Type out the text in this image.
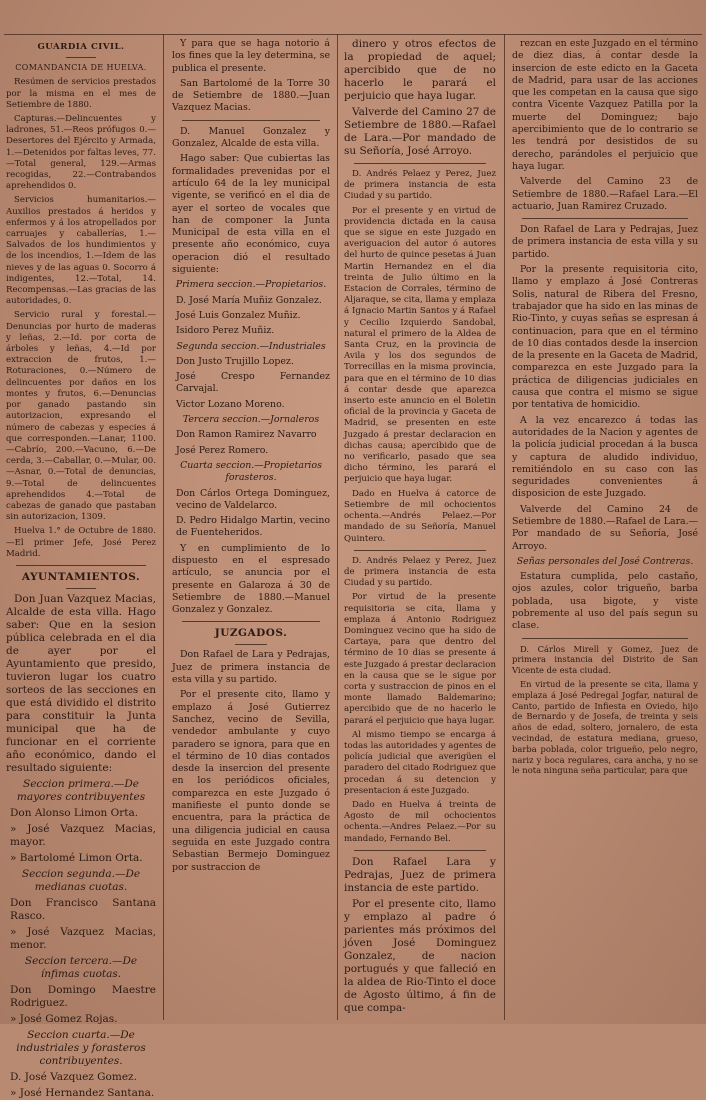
GUARDIA CIVIL.
COMANDANCIA DE HUELVA.

Resúmen de servicios prestados por la misma en el mes de Setiembre de 1880.

Capturas.—Delincuentes y ladrones, 51.—Reos prófugos 0.—Desertores del Ejército y Armada, 1.—Detenidos por faltas leves, 77.—Total general, 129.—Armas recogidas, 22.—Contrabandos aprehendidos 0.

Servicios humanitarios.—Auxilios prestados á heridos y enfermos y á los atropellados por carruajes y caballerías, 1.—Salvados de los hundimientos y de los incendios, 1.—Idem de las nieves y de las aguas 0. Socorro á indigentes, 12.—Total, 14. Recompensas.—Las gracias de las autoridades, 0.

Servicio rural y forestal.—Denuncias por hurto de maderas y leñas, 2.—Id. por corta de árboles y leñas, 4.—Id por extraccion de frutos, 1.—Roturaciones, 0.—Número de delincuentes por daños en los montes y frutos, 6.—Denuncias por ganado pastando sin autorizacion, expresando el número de cabezas y especies á que corresponden.—Lanar, 1100.—Cabrío, 200.—Vacuno, 6.—De cerda, 3.—Caballar, 0.—Mular, 00.—Asnar, 0.—Total de denuncias, 9.—Total de delincuentes aprehendidos 4.—Total de cabezas de ganado que pastaban sin autorizacion, 1309.

Huelva 1.° de Octubre de 1880. —El primer Jefe, José Perez Madrid.

AYUNTAMIENTOS.

Don Juan Vazquez Macias, Alcalde de esta villa. Hago saber: Que en la sesion pública celebrada en el dia de ayer por el Ayuntamiento que presido, tuvieron lugar los cuatro sorteos de las secciones en que está dividido el distrito para constituir la Junta municipal que ha de funcionar en el corriente año económico, dando el resultado siguiente:

Seccion primera.—De mayores contribuyentes

Don Alonso Limon Orta.

» José Vazquez Macias, mayor.

» Bartolomé Limon Orta.

Seccion segunda.—De medianas cuotas.

Don Francisco Santana Rasco.

» José Vazquez Macias, menor.

Seccion tercera.—De ínfimas cuotas.

Don Domingo Maestre Rodriguez.

» José Gomez Rojas.

Seccion cuarta.—De industriales y forasteros contribuyentes.

D. José Vazquez Gomez.

» José Hernandez Santana.

Y para que se haga notorio á los fines que la ley determina, se publica el presente.

San Bartolomé de la Torre 30 de Setiembre de 1880.—Juan Vazquez Macias.

D. Manuel Gonzalez y Gonzalez, Alcalde de esta villa.

Hago saber: Que cubiertas las formalidades prevenidas por el artículo 64 de la ley municipal vigente, se verificó en el dia de ayer el sorteo de vocales que han de componer la Junta Municipal de esta villa en el presente año económico, cuya operacion dió el resultado siguiente:

Primera seccion.—Propietarios.

D. José María Muñiz Gonzalez.

José Luis Gonzalez Muñiz.

Isidoro Perez Muñiz.

Segunda seccion.—Industriales

Don Justo Trujillo Lopez.

José Crespo Fernandez Carvajal.

Victor Lozano Moreno.

Tercera seccion.—Jornaleros

Don Ramon Ramirez Navarro

José Perez Romero.

Cuarta seccion.—Propietarios forasteros.

Don Cárlos Ortega Dominguez, vecino de Valdelarco.

D. Pedro Hidalgo Martin, vecino de Fuenteheridos.

Y en cumplimiento de lo dispuesto en el espresado artículo, se anuncia por el presente en Galaroza á 30 de Setiembre de 1880.—Manuel Gonzalez y Gonzalez.

JUZGADOS.

Don Rafael de Lara y Pedrajas, Juez de primera instancia de esta villa y su partido.

Por el presente cito, llamo y emplazo á José Gutierrez Sanchez, vecino de Sevilla, vendedor ambulante y cuyo paradero se ignora, para que en el término de 10 dias contados desde la insercion del presente en los periódicos oficiales, comparezca en este Juzgado ó manifieste el punto donde se encuentra, para la práctica de una diligencia judicial en causa seguida en este Juzgado contra Sebastian Bermejo Dominguez por sustraccion de

dinero y otros efectos de la propiedad de aquel; apercibido que de no hacerlo le parará el perjuicio que haya lugar.

Valverde del Camino 27 de Setiembre de 1880.—Rafael de Lara.—Por mandado de su Señoría, José Arroyo.

D. Andrés Pelaez y Perez, Juez de primera instancia de esta Ciudad y su partido.

Por el presente y en virtud de providencia dictada en la causa que se sigue en este Juzgado en averiguacion del autor ó autores del hurto de quince pesetas á Juan Martin Hernandez en el dia treinta de Julio último en la Estacion de Corrales, término de Aljaraque, se cita, llama y emplaza á Ignacio Martin Santos y á Rafael y Cecilio Izquierdo Sandobal, natural el primero de la Aldea de Santa Cruz, en la provincia de Avila y los dos segundos de Torrecillas en la misma provincia, para que en el término de 10 dias á contar desde que aparezca inserto este anuncio en el Boletin oficial de la provincia y Gaceta de Madrid, se presenten en este Juzgado á prestar declaracion en dichas causa; apercibido que de no verificarlo, pasado que sea dicho término, les parará el perjuicio que haya lugar.

Dado en Huelva á catorce de Setiembre de mil ochocientos ochenta.—Andrés Pelaez.—Por mandado de su Señoría, Manuel Quintero.

D. Andrés Pelaez y Perez, Juez de primera instancia de esta Ciudad y su partido.

Por virtud de la presente requisitoria se cita, llama y emplaza á Antonio Rodriguez Dominguez vecino que ha sido de Cartaya, para que dentro del término de 10 dias se presente á este Juzgado á prestar declaracion en la causa que se le sigue por corta y sustraccion de pinos en el monte llamado Baldemarino; apercibido que de no hacerlo le parará el perjuicio que haya lugar.

Al mismo tiempo se encarga á todas las autoridades y agentes de policía judicial que averigüen el paradero del citado Rodriguez que procedan á su detencion y presentacion á este Juzgado.

Dado en Huelva á treinta de Agosto de mil ochocientos ochenta.—Andres Pelaez.—Por su mandado, Fernando Bel.

Don Rafael Lara y Pedrajas, Juez de primera instancia de este partido.

Por el presente cito, llamo y emplazo al padre ó parientes más próximos del jóven José Dominguez Gonzalez, de nacion portugués y que falleció en la aldea de Rio-Tinto el doce de Agosto último, á fin de que compa-

rezcan en este Juzgado en el término de diez dias, á contar desde la insercion de este edicto en la Gaceta de Madrid, para usar de las acciones que les competan en la causa que sigo contra Vicente Vazquez Patilla por la muerte del Dominguez; bajo apercibimiento que de lo contrario se les tendrá por desistidos de su derecho, parándoles el perjuicio que haya lugar.

Valverde del Camino 23 de Setiembre de 1880.—Rafael Lara.—El actuario, Juan Ramirez Cruzado.

Don Rafael de Lara y Pedrajas, Juez de primera instancia de esta villa y su partido.

Por la presente requisitoria cito, llamo y emplazo á José Contreras Solis, natural de Ribera del Fresno, trabajador que ha sido en las minas de Rio-Tinto, y cuyas señas se espresan á continuacion, para que en el término de 10 dias contados desde la insercion de la presente en la Gaceta de Madrid, comparezca en este Juzgado para la práctica de diligencias judiciales en causa que contra el mismo se sigue por tentativa de homicidio.

A la vez encarezco á todas las autoridades de la Nacion y agentes de la policía judicial procedan á la busca y captura de aludido individuo, remitiéndolo en su caso con las seguridades convenientes á disposicion de este Juzgado.

Valverde del Camino 24 de Setiembre de 1880.—Rafael de Lara.—Por mandado de su Señoría, José Arroyo.

Señas personales del José Contreras.

Estatura cumplida, pelo castaño, ojos azules, color trigueño, barba poblada, usa bigote, y viste pobremente al uso del país segun su clase.

D. Cárlos Mirell y Gomez, Juez de primera instancia del Distrito de San Vicente de esta ciudad.

En virtud de la presente se cita, llama y emplaza á José Pedregal Jogfar, natural de Canto, partido de Infiesta en Oviedo, hijo de Bernardo y de Josefa, de treinta y seis años de edad, soltero, jornalero, de esta vecindad, de estatura mediana, grueso, barba poblada, color trigueño, pelo negro, nariz y boca regulares, cara ancha, y no se le nota ninguna seña particular, para que
